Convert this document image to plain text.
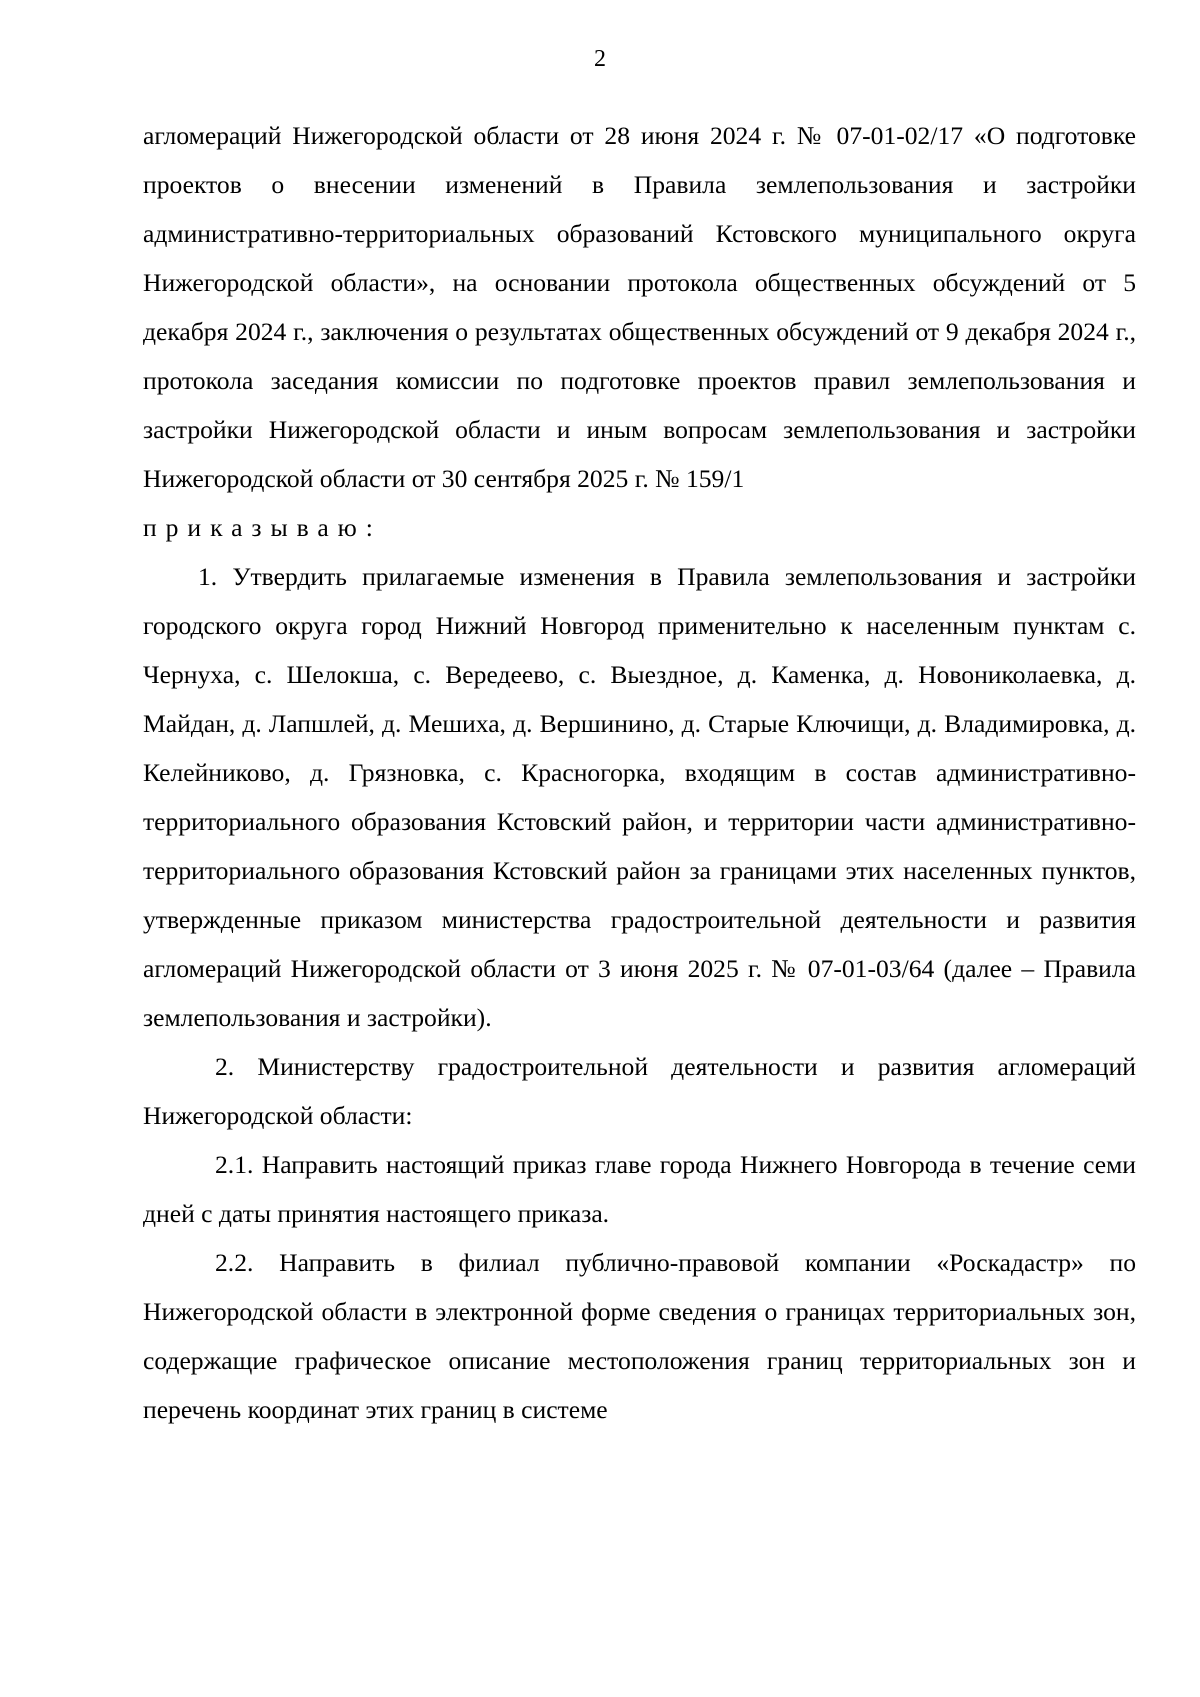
2

агломераций Нижегородской области от 28 июня 2024 г. № 07-01-02/17 «О подготовке проектов о внесении изменений в Правила землепользования и застройки административно-территориальных образований Кстовского муниципального округа Нижегородской области», на основании протокола общественных обсуждений от 5 декабря 2024 г., заключения о результатах общественных обсуждений от 9 декабря 2024 г., протокола заседания комиссии по подготовке проектов правил землепользования и застройки Нижегородской области и иным вопросам землепользования и застройки Нижегородской области от 30 сентября 2025 г. № 159/1

приказываю:

1. Утвердить прилагаемые изменения в Правила землепользования и застройки городского округа город Нижний Новгород применительно к населенным пунктам с. Чернуха, с. Шелокша, с. Вередеево, с. Выездное, д. Каменка, д. Новониколаевка, д. Майдан, д. Лапшлей, д. Мешиха, д. Вершинино, д. Старые Ключищи, д. Владимировка, д. Келейниково, д. Грязновка, с. Красногорка, входящим в состав административно-территориального образования Кстовский район, и территории части административно-территориального образования Кстовский район за границами этих населенных пунктов, утвержденные приказом министерства градостроительной деятельности и развития агломераций Нижегородской области от 3 июня 2025 г. № 07-01-03/64 (далее – Правила землепользования и застройки).

2. Министерству градостроительной деятельности и развития агломераций Нижегородской области:

2.1. Направить настоящий приказ главе города Нижнего Новгорода в течение семи дней с даты принятия настоящего приказа.

2.2. Направить в филиал публично-правовой компании «Роскадастр» по Нижегородской области в электронной форме сведения о границах территориальных зон, содержащие графическое описание местоположения границ территориальных зон и перечень координат этих границ в системе
